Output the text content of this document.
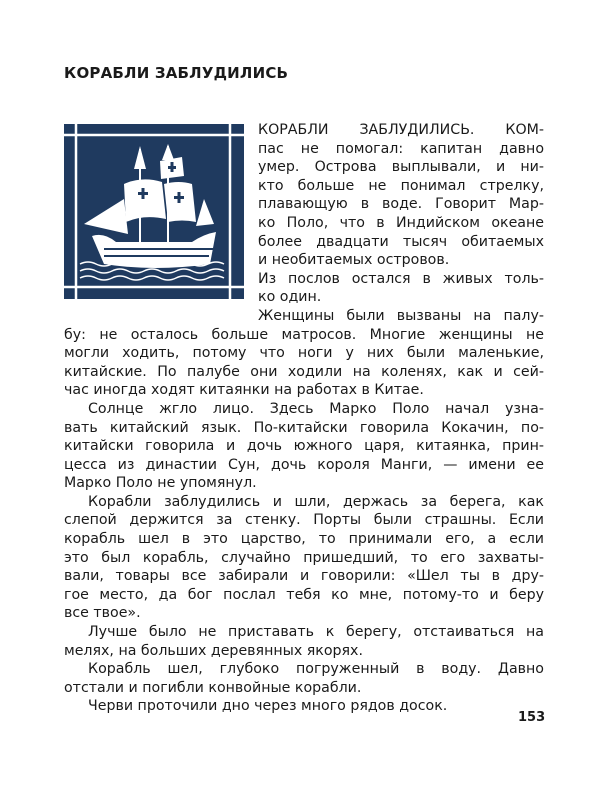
КОРАБЛИ ЗАБЛУДИЛИСЬ
КОРАБЛИ ЗАБЛУДИЛИСЬ. КОМ-
пас не помогал: капитан давно
умер. Острова выплывали, и ни-
кто больше не понимал стрелку,
плавающую в воде. Говорит Мар-
ко Поло, что в Индийском океане
более двадцати тысяч обитаемых
и необитаемых островов.
Из послов остался в живых толь-
ко один.
Женщины были вызваны на палу-
бу: не осталось больше матросов. Многие женщины не
могли ходить, потому что ноги у них были маленькие,
китайские. По палубе они ходили на коленях, как и сей-
час иногда ходят китаянки на работах в Китае.
Солнце жгло лицо. Здесь Марко Поло начал узна-
вать китайский язык. По-китайски говорила Кокачин, по-
китайски говорила и дочь южного царя, китаянка, прин-
цесса из династии Сун, дочь короля Манги, — имени ее
Марко Поло не упомянул.
Корабли заблудились и шли, держась за берега, как
слепой держится за стенку. Порты были страшны. Если
корабль шел в это царство, то принимали его, а если
это был корабль, случайно пришедший, то его захваты-
вали, товары все забирали и говорили: «Шел ты в дру-
гое место, да бог послал тебя ко мне, потому-то и беру
все твое».
Лучше было не приставать к берегу, отстаиваться на
мелях, на больших деревянных якорях.
Корабль шел, глубоко погруженный в воду. Давно
отстали и погибли конвойные корабли.
Черви проточили дно через много рядов досок.
153
